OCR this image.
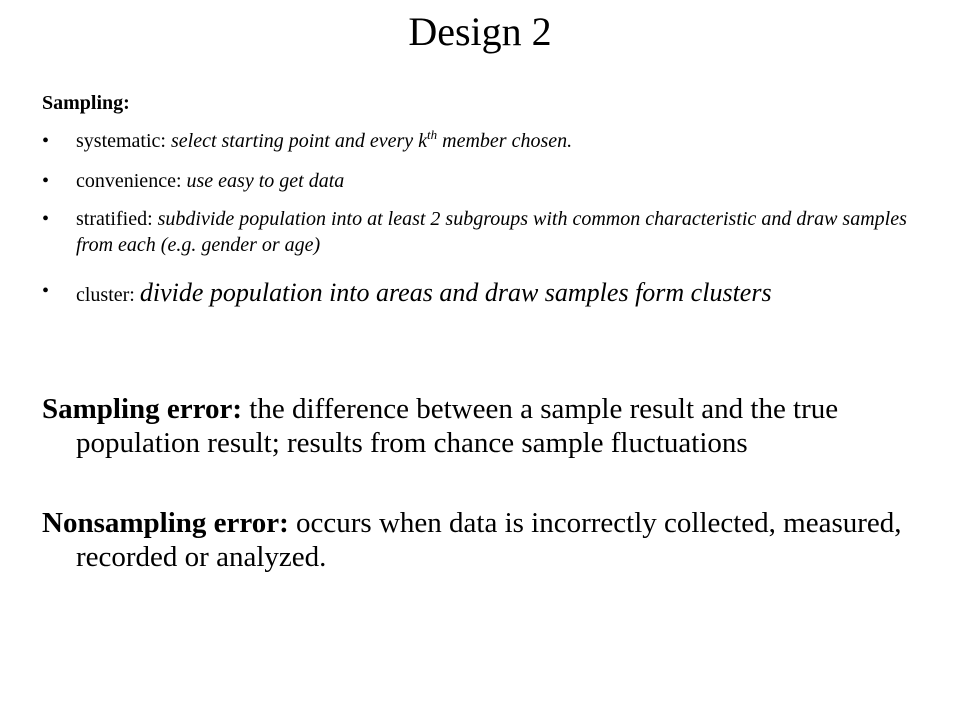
Design 2

Sampling:

•	systematic: select starting point and every $k^{th}$ member chosen.
•	convenience: use easy to get data
•	stratified: subdivide population into at least 2 subgroups with common characteristic and draw samples from each (e.g. gender or age)
•	cluster: divide population into areas and draw samples form clusters
Sampling error: the difference between a sample result and the true population result; results from chance sample fluctuations
Nonsampling error: occurs when data is incorrectly collected, measured, recorded or analyzed.
